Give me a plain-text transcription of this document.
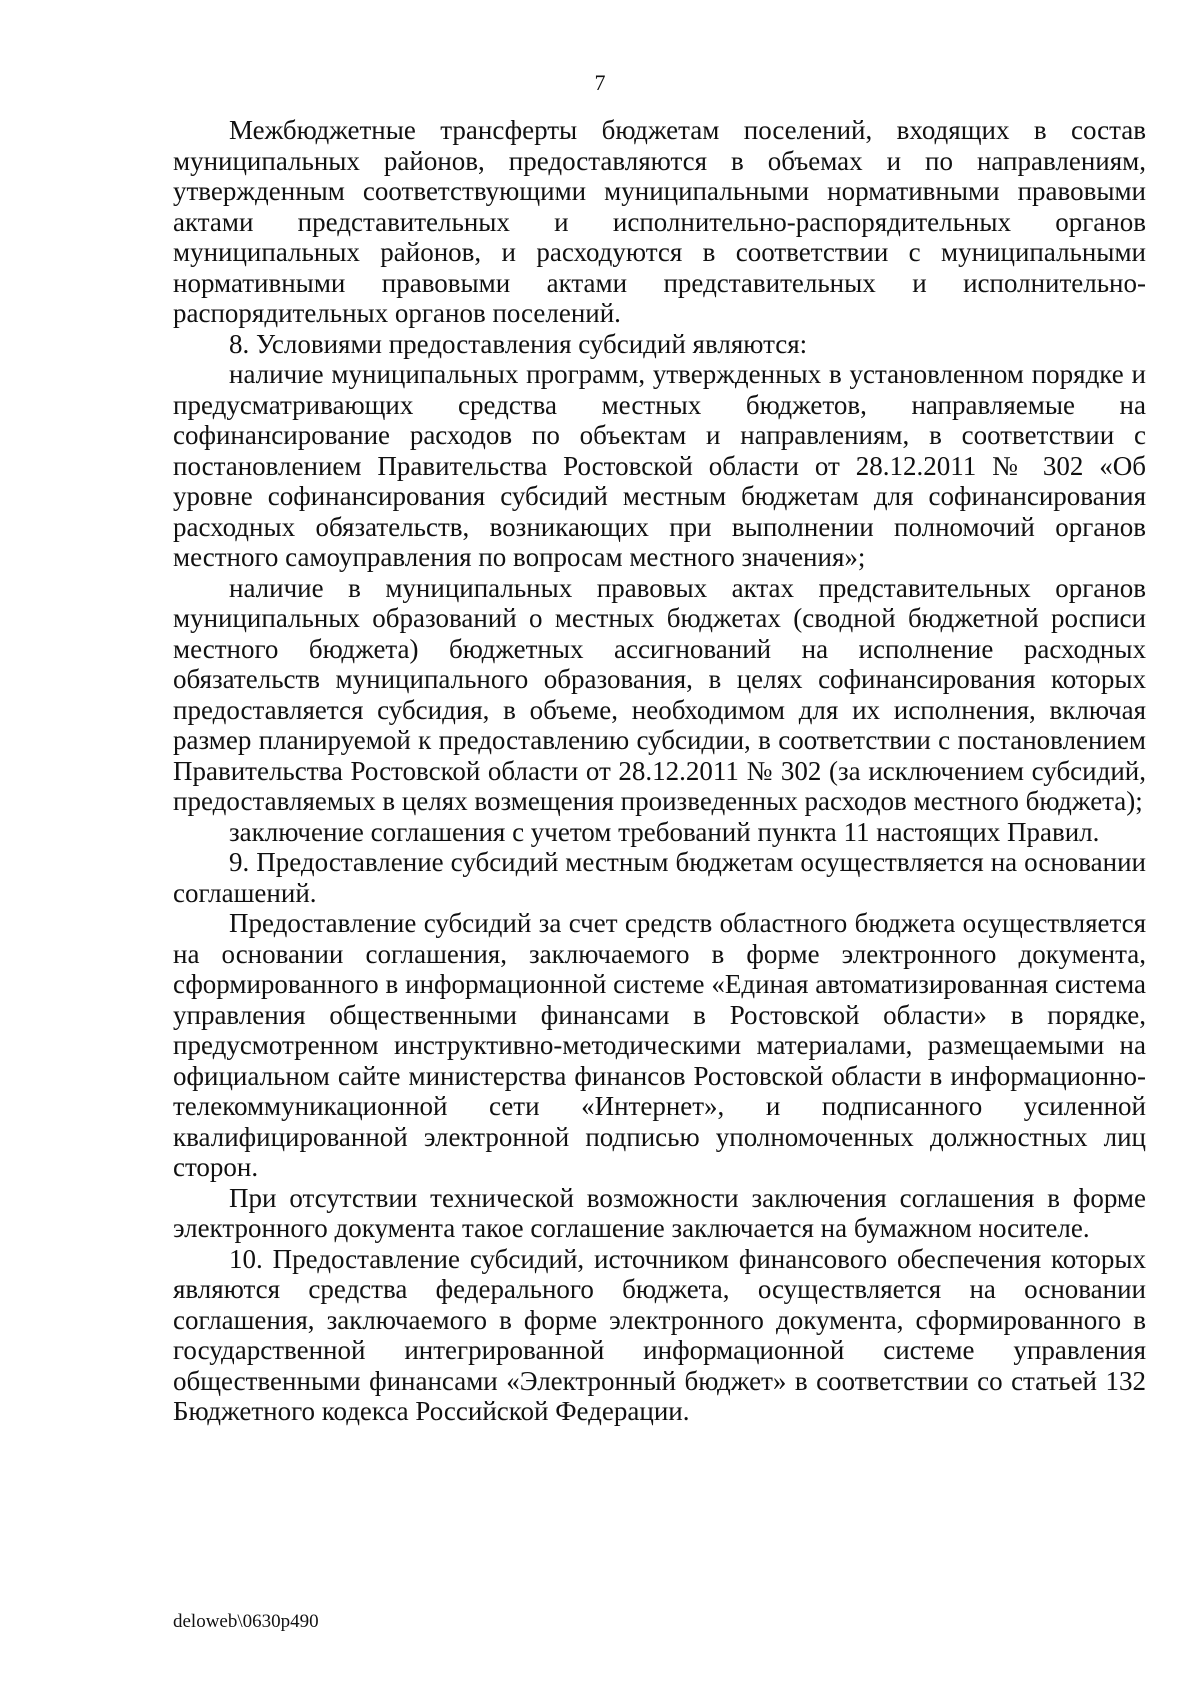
7

Межбюджетные трансферты бюджетам поселений, входящих в состав муниципальных районов, предоставляются в объемах и по направлениям, утвержденным соответствующими муниципальными нормативными правовыми актами представительных и исполнительно-распорядительных органов муниципальных районов, и расходуются в соответствии с муниципальными нормативными правовыми актами представительных и исполнительно-распорядительных органов поселений.

8. Условиями предоставления субсидий являются:

наличие муниципальных программ, утвержденных в установленном порядке и предусматривающих средства местных бюджетов, направляемые на софинансирование расходов по объектам и направлениям, в соответствии с постановлением Правительства Ростовской области от 28.12.2011 № 302 «Об уровне софинансирования субсидий местным бюджетам для софинансирования расходных обязательств, возникающих при выполнении полномочий органов местного самоуправления по вопросам местного значения»;

наличие в муниципальных правовых актах представительных органов муниципальных образований о местных бюджетах (сводной бюджетной росписи местного бюджета) бюджетных ассигнований на исполнение расходных обязательств муниципального образования, в целях софинансирования которых предоставляется субсидия, в объеме, необходимом для их исполнения, включая размер планируемой к предоставлению субсидии, в соответствии с постановлением Правительства Ростовской области от 28.12.2011 № 302 (за исключением субсидий, предоставляемых в целях возмещения произведенных расходов местного бюджета);

заключение соглашения с учетом требований пункта 11 настоящих Правил.

9. Предоставление субсидий местным бюджетам осуществляется на основании соглашений.

Предоставление субсидий за счет средств областного бюджета осуществляется на основании соглашения, заключаемого в форме электронного документа, сформированного в информационной системе «Единая автоматизированная система управления общественными финансами в Ростовской области» в порядке, предусмотренном инструктивно-методическими материалами, размещаемыми на официальном сайте министерства финансов Ростовской области в информационно-телекоммуникационной сети «Интернет», и подписанного усиленной квалифицированной электронной подписью уполномоченных должностных лиц сторон.

При отсутствии технической возможности заключения соглашения в форме электронного документа такое соглашение заключается на бумажном носителе.

10. Предоставление субсидий, источником финансового обеспечения которых являются средства федерального бюджета, осуществляется на основании соглашения, заключаемого в форме электронного документа, сформированного в государственной интегрированной информационной системе управления общественными финансами «Электронный бюджет» в соответствии со статьей 132 Бюджетного кодекса Российской Федерации.

deloweb\0630p490
